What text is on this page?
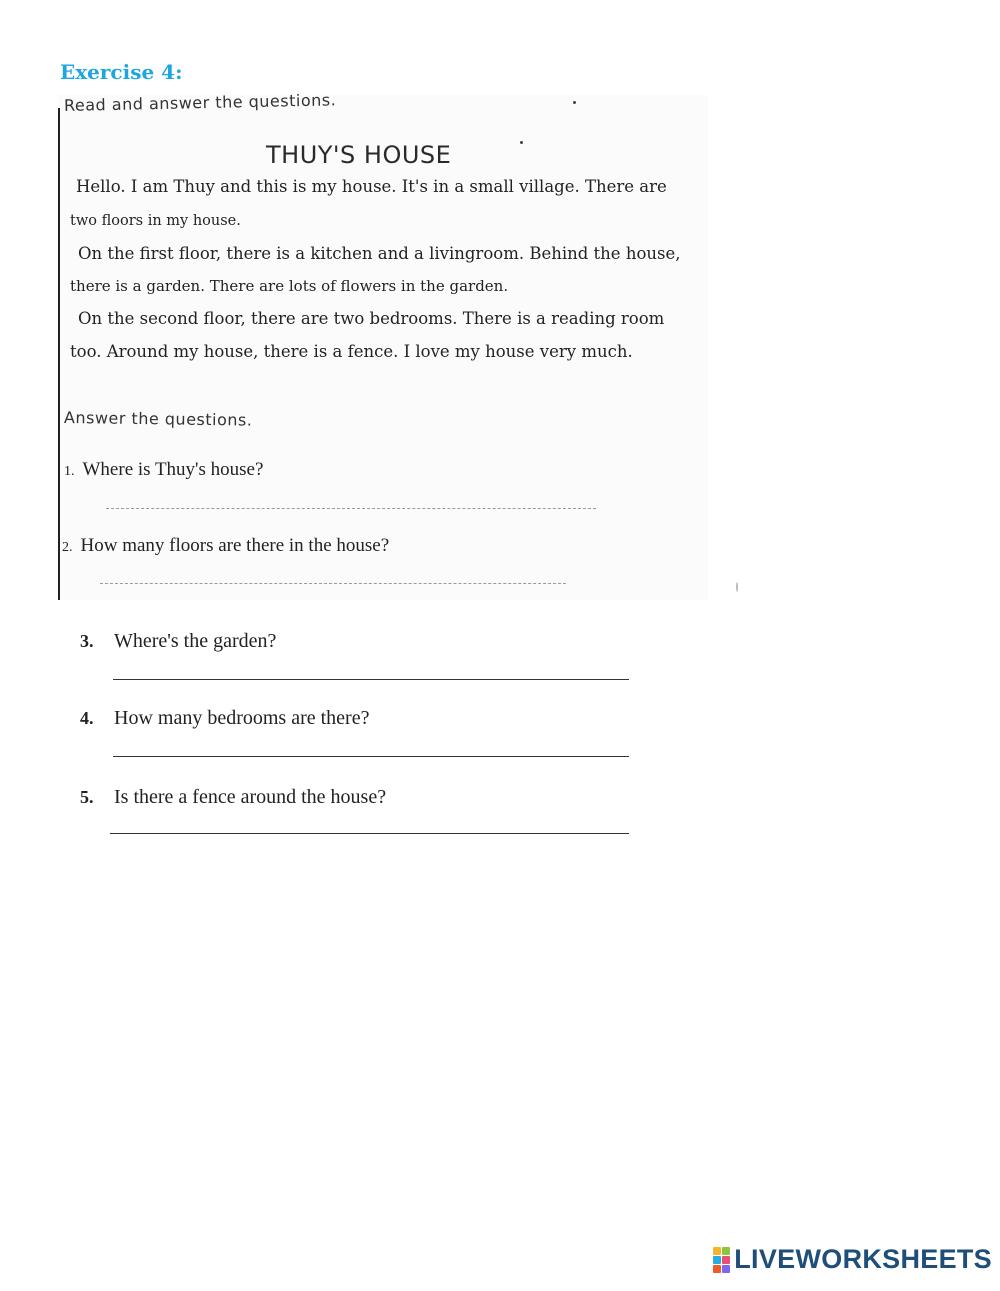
Exercise 4:
Read and answer the questions.
THUY'S HOUSE
Hello. I am Thuy and this is my house. It's in a small village. There are
two floors in my house.
On the first floor, there is a kitchen and a livingroom. Behind the house,
there is a garden. There are lots of flowers in the garden.
On the second floor, there are two bedrooms. There is a reading room
too. Around my house, there is a fence. I love my house very much.
Answer the questions.
1. Where is Thuy's house?
2. How many floors are there in the house?
3. Where's the garden?
4. How many bedrooms are there?
5. Is there a fence around the house?
LIVEWORKSHEETS
